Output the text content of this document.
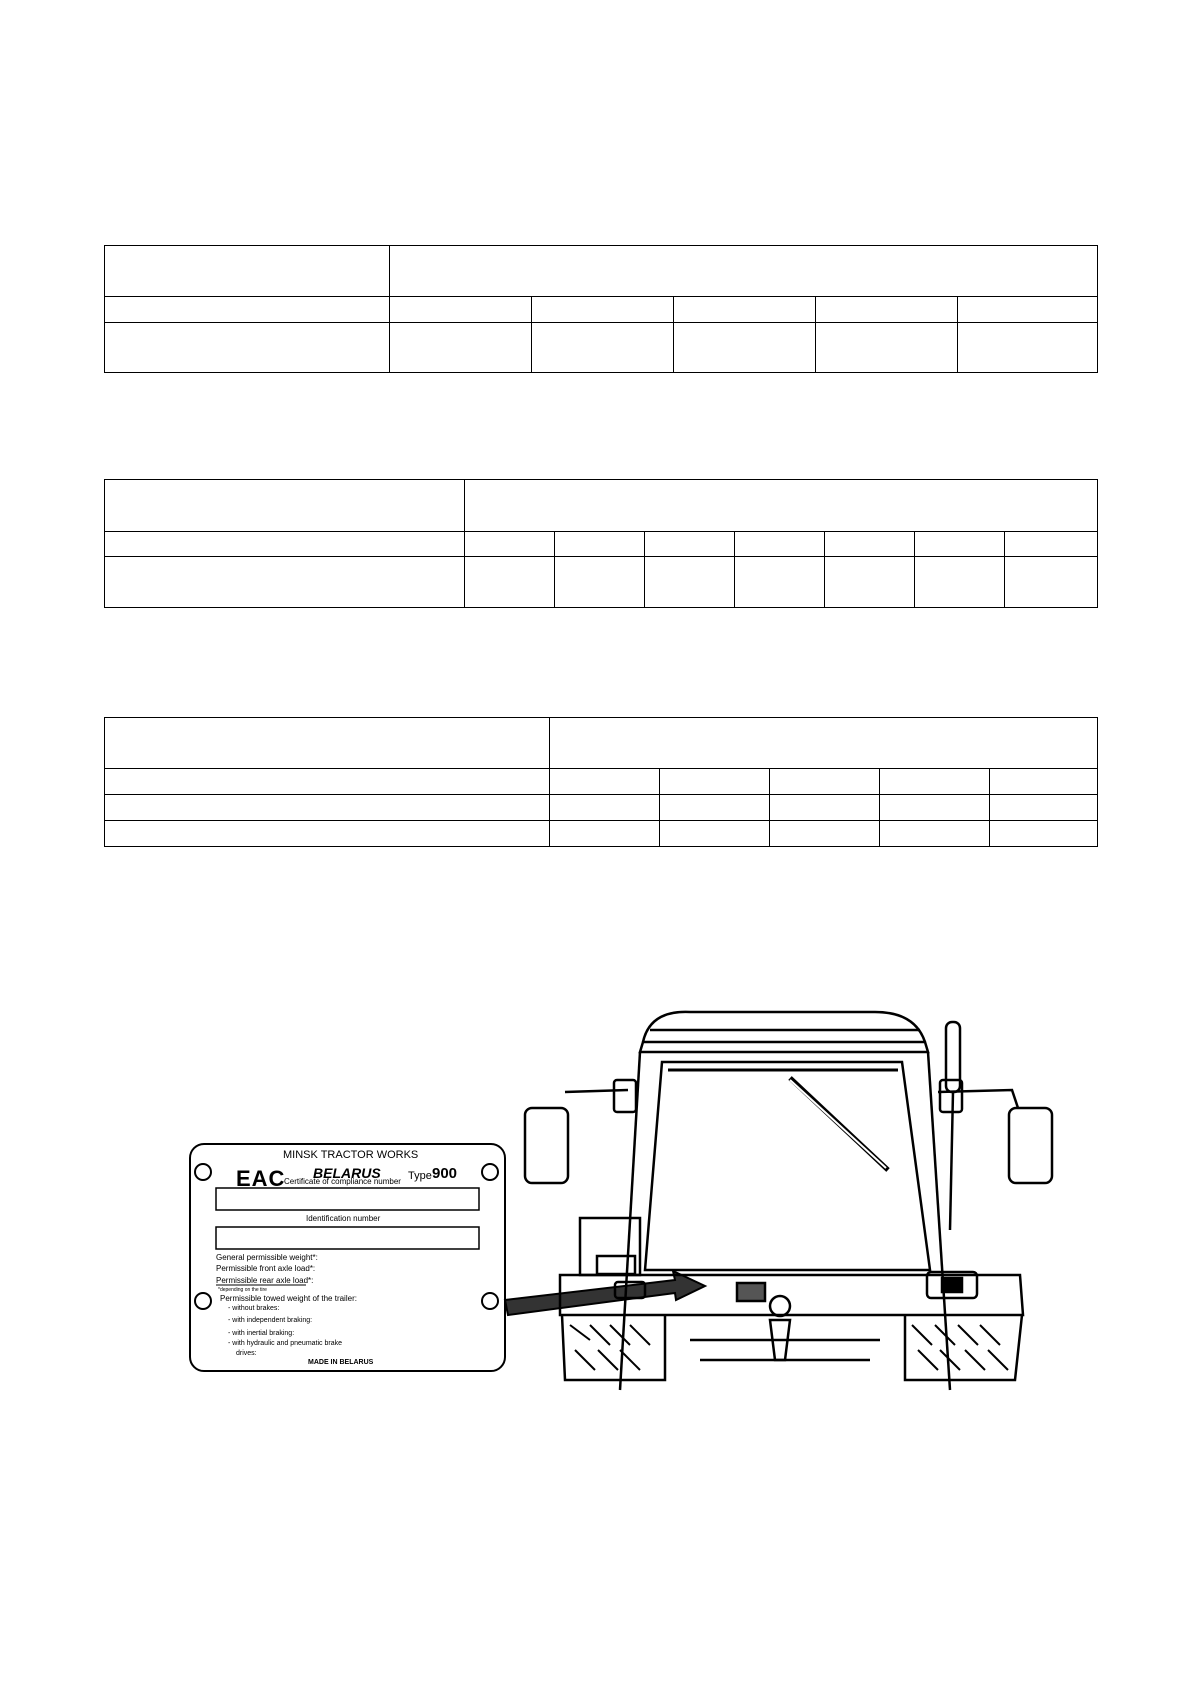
MINSK TRACTOR WORKS
EAC BELARUS Type 900
Certificate of compliance number
Identification number
General permissible weight*:
Permissible front axle load*:
Permissible rear axle load*:
*depending on the tire
Permissible towed weight of the trailer:
- without brakes:
- with independent braking:
- with inertial braking:
- with hydraulic and pneumatic brake
drives:
MADE IN BELARUS
